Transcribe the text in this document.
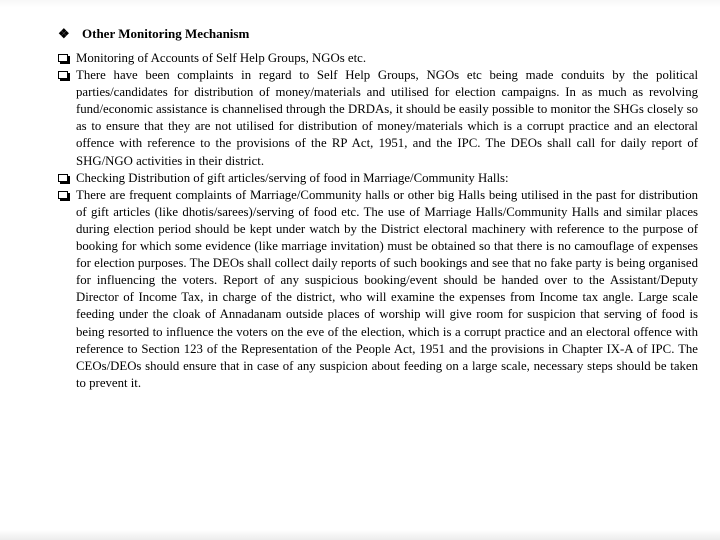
❖ Other Monitoring Mechanism

Monitoring of Accounts of Self Help Groups, NGOs etc.

There have been complaints in regard to Self Help Groups, NGOs etc being made conduits by the political parties/candidates for distribution of money/materials and utilised for election campaigns. In as much as revolving fund/economic assistance is channelised through the DRDAs, it should be easily possible to monitor the SHGs closely so as to ensure that they are not utilised for distribution of money/materials which is a corrupt practice and an electoral offence with reference to the provisions of the RP Act, 1951, and the IPC. The DEOs shall call for daily report of SHG/NGO activities in their district.

Checking Distribution of gift articles/serving of food in Marriage/Community Halls:

There are frequent complaints of Marriage/Community halls or other big Halls being utilised in the past for distribution of gift articles (like dhotis/sarees)/serving of food etc. The use of Marriage Halls/Community Halls and similar places during election period should be kept under watch by the District electoral machinery with reference to the purpose of booking for which some evidence (like marriage invitation) must be obtained so that there is no camouflage of expenses for election purposes. The DEOs shall collect daily reports of such bookings and see that no fake party is being organised for influencing the voters. Report of any suspicious booking/event should be handed over to the Assistant/Deputy Director of Income Tax, in charge of the district, who will examine the expenses from Income tax angle. Large scale feeding under the cloak of Annadanam outside places of worship will give room for suspicion that serving of food is being resorted to influence the voters on the eve of the election, which is a corrupt practice and an electoral offence with reference to Section 123 of the Representation of the People Act, 1951 and the provisions in Chapter IX-A of IPC. The CEOs/DEOs should ensure that in case of any suspicion about feeding on a large scale, necessary steps should be taken to prevent it.
